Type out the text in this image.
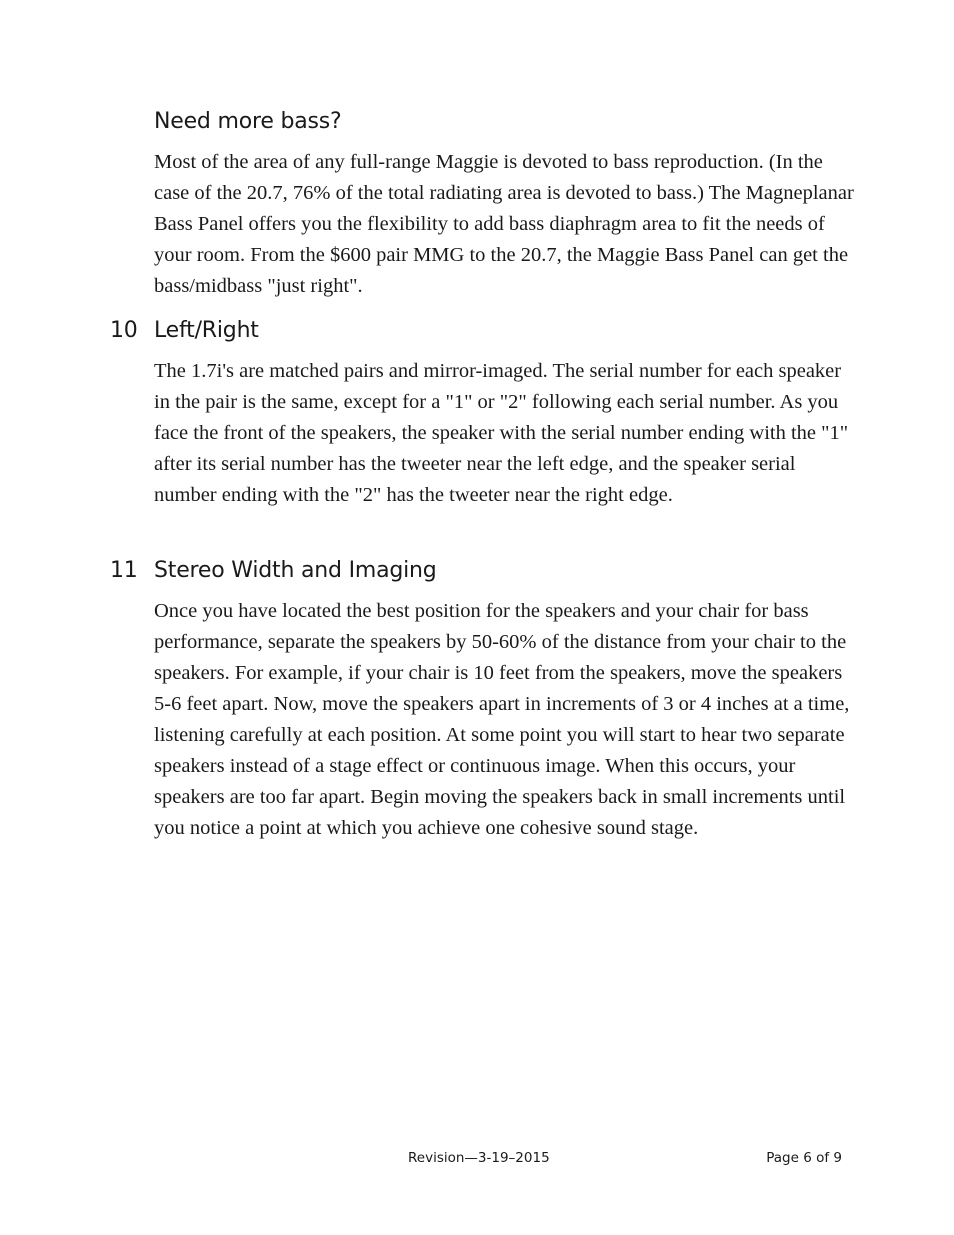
Need more bass?
Most of the area of any full-range Maggie is devoted to bass reproduction. (In the case of the 20.7, 76% of the total radiating area is devoted to bass.) The Magneplanar Bass Panel offers you the flexibility to add bass diaphragm area to fit the needs of your room. From the $600 pair MMG to the 20.7, the Maggie Bass Panel can get the bass/midbass "just right".
10 Left/Right
The 1.7i's are matched pairs and mirror-imaged. The serial number for each speaker in the pair is the same, except for a "1" or "2" following each serial number. As you face the front of the speakers, the speaker with the serial number ending with the "1" after its serial number has the tweeter near the left edge, and the speaker serial number ending with the "2" has the tweeter near the right edge.
11 Stereo Width and Imaging
Once you have located the best position for the speakers and your chair for bass performance, separate the speakers by 50-60% of the distance from your chair to the speakers. For example, if your chair is 10 feet from the speakers, move the speakers 5-6 feet apart. Now, move the speakers apart in increments of 3 or 4 inches at a time, listening carefully at each position. At some point you will start to hear two separate speakers instead of a stage effect or continuous image. When this occurs, your speakers are too far apart. Begin moving the speakers back in small increments until you notice a point at which you achieve one cohesive sound stage.
Revision—3-19–2015	Page 6 of 9
